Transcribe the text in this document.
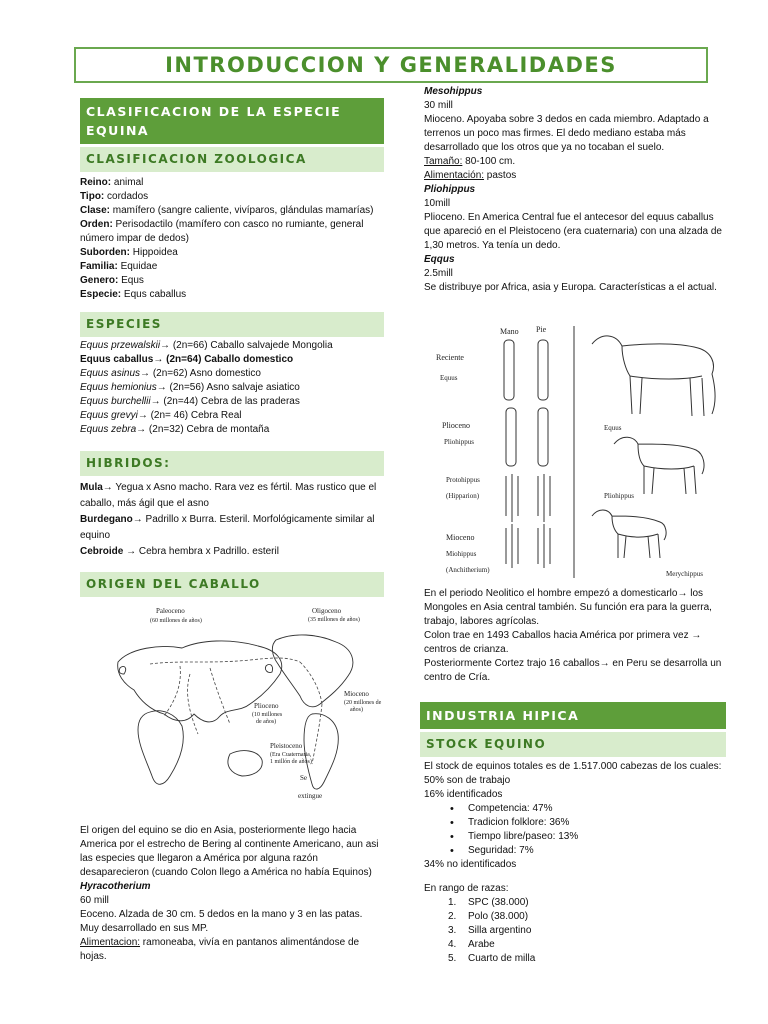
INTRODUCCION Y GENERALIDADES
CLASIFICACION DE LA ESPECIE EQUINA
CLASIFICACION ZOOLOGICA

Reino: animal

Tipo: cordados

Clase: mamífero (sangre caliente, vivíparos, glándulas mamarías)

Orden: Perisodactilo (mamífero con casco no rumiante, general número impar de dedos)

Suborden: Hippoidea

Familia: Equidae

Genero: Equs

Especie: Equs caballus

ESPECIES

Equus przewalskii→ (2n=66) Caballo salvajede Mongolia

Equus caballus→ (2n=64) Caballo domestico

Equus asinus→ (2n=62) Asno domestico

Equus hemionius→ (2n=56) Asno salvaje asiatico

Equus burchellii→ (2n=44) Cebra de las praderas

Equus grevyi→ (2n= 46) Cebra Real

Equus zebra→ (2n=32) Cebra de montaña

HIBRIDOS:

Mula→ Yegua x Asno macho. Rara vez es fértil. Mas rustico que el caballo, más ágil que el asno

Burdegano→ Padrillo x Burra. Esteril. Morfológicamente similar al equino

Cebroide → Cebra hembra x Padrillo. esteril

ORIGEN DEL CABALLO
Paleoceno
(60 millones de años)
Oligoceno
(35 millones de años)
Mioceno
(20 millones de
años)
Plioceno
(10 millones
de años)
Pleistoceno
(Era Cuaternaria,
1 millón de años)
Se
extingue

El origen del equino se dio en Asia, posteriormente llego hacia America por el estrecho de Bering al continente Americano, aun asi las especies que llegaron a América por alguna razón desaparecieron (cuando Colon llego a América no había Equinos)

Hyracotherium

60 mill

Eoceno. Alzada de 30 cm. 5 dedos en la mano y 3 en las patas. Muy desarrollado en sus MP.

Alimentacion: ramoneaba, vivía en pantanos alimentándose de hojas.

Mesohippus

30 mill

Mioceno. Apoyaba sobre 3 dedos en cada miembro. Adaptado a terrenos un poco mas firmes. El dedo mediano estaba más desarrollado que los otros que ya no tocaban el suelo.

Tamaño: 80-100 cm.

Alimentación: pastos

Pliohippus

10mill

Plioceno. En America Central fue el antecesor del equus caballus que apareció en el Pleistoceno (era cuaternaria) con una alzada de 1,30 metros. Ya tenía un dedo.

Eqqus

2.5mill

Se distribuye por Africa, asia y Europa. Características a el actual.

Mano Pie
Reciente
Equus
Plioceno
Pliohippus
Protohippus
(Hipparion)
Mioceno
Miohippus
(Anchitherium)
Equus
Pliohippus
Merychippus

En el periodo Neolitico el hombre empezó a domesticarlo→ los Mongoles en Asia central también. Su función era para la guerra, trabajo, labores agrícolas.

Colon trae en 1493 Caballos hacia América por primera vez → centros de crianza.

Posteriormente Cortez trajo 16 caballos→ en Peru se desarrolla un centro de Cría.

INDUSTRIA HIPICA
STOCK EQUINO

El stock de equinos totales es de 1.517.000 cabezas de los cuales: 50% son de trabajo

16% identificados

• Competencia: 47%
• Tradicion folklore: 36%
• Tiempo libre/paseo: 13%
• Seguridad: 7%

34% no identificados

En rango de razas:

1.	SPC (38.000)
2.	Polo (38.000)
3.	Silla argentino
4.	Arabe
5.	Cuarto de milla
